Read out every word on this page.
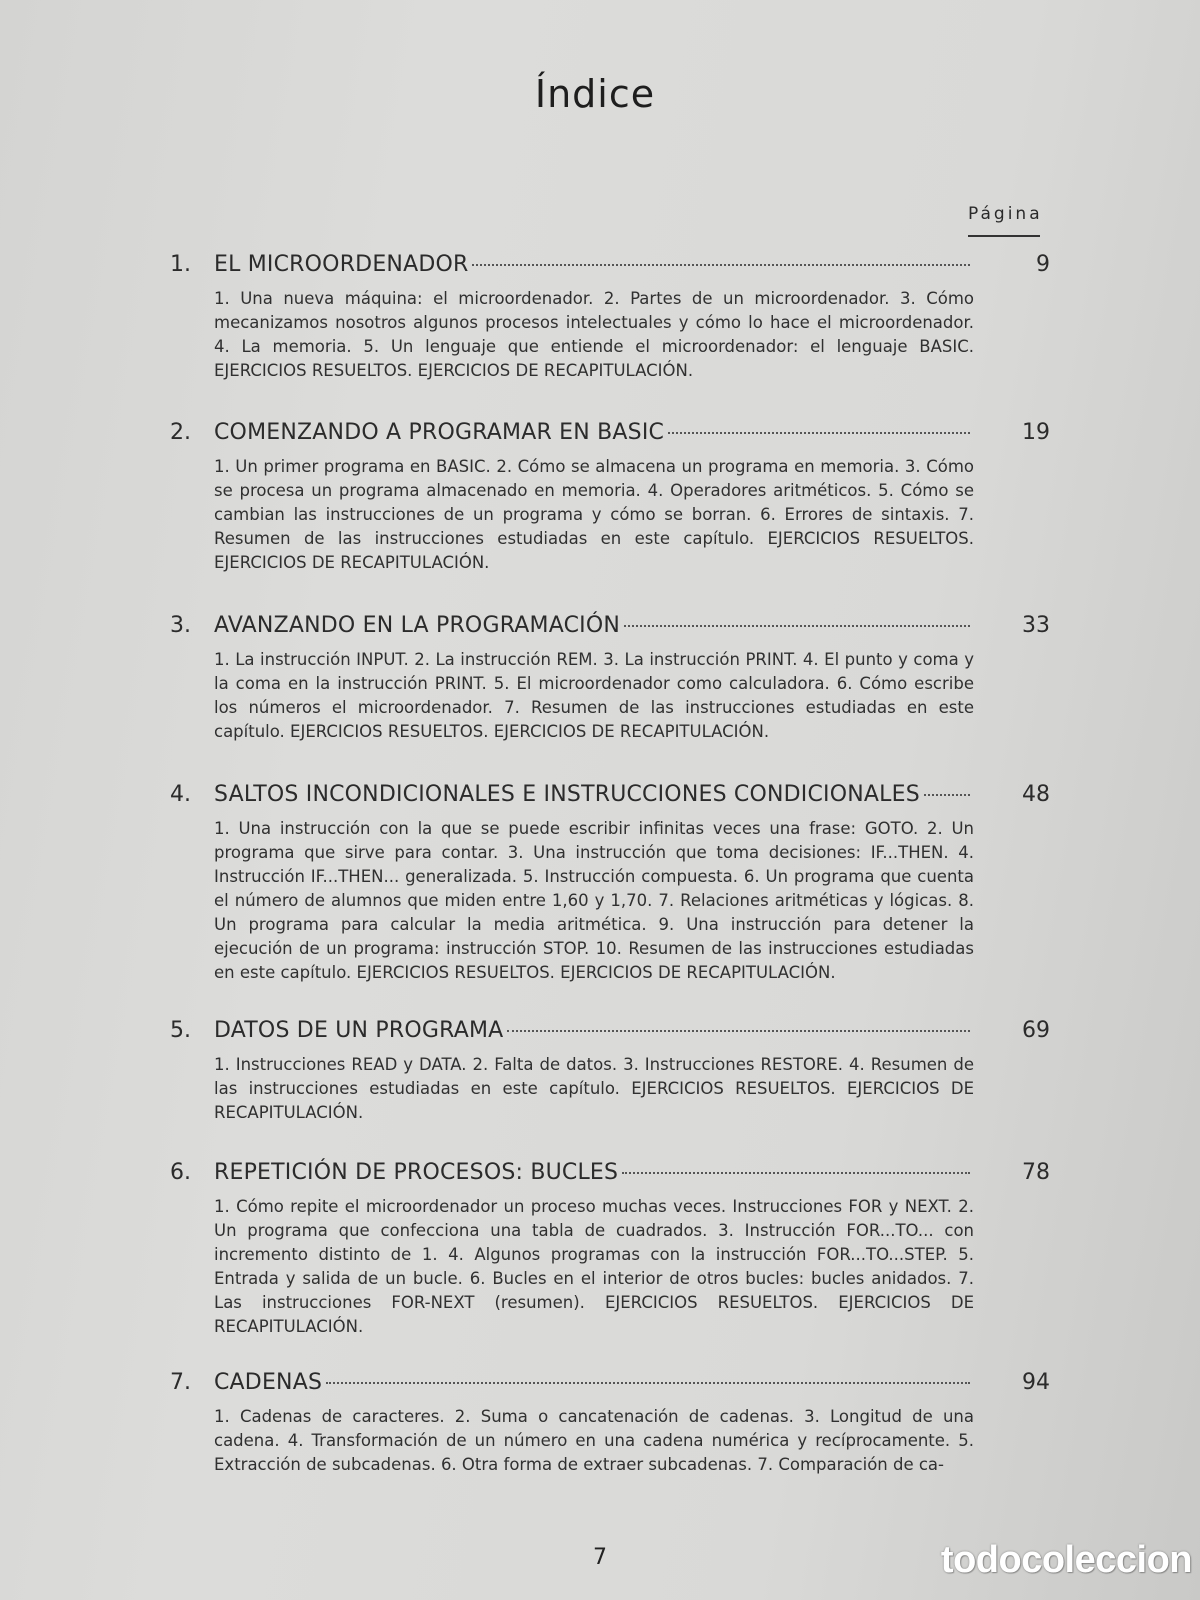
Índice
Página
1.	EL MICROORDENADOR	9
1. Una nueva máquina: el microordenador. 2. Partes de un microordenador. 3. Cómo mecanizamos nosotros algunos procesos intelectuales y cómo lo hace el microordenador. 4. La memoria. 5. Un lenguaje que entiende el microordenador: el lenguaje BASIC. EJERCICIOS RESUELTOS. EJERCICIOS DE RECAPITULACIÓN.
2.	COMENZANDO A PROGRAMAR EN BASIC	19
1. Un primer programa en BASIC. 2. Cómo se almacena un programa en memoria. 3. Cómo se procesa un programa almacenado en memoria. 4. Operadores aritméticos. 5. Cómo se cambian las instrucciones de un programa y cómo se borran. 6. Errores de sintaxis. 7. Resumen de las instrucciones estudiadas en este capítulo. EJERCICIOS RESUELTOS. EJERCICIOS DE RECAPITULACIÓN.
3.	AVANZANDO EN LA PROGRAMACIÓN	33
1. La instrucción INPUT. 2. La instrucción REM. 3. La instrucción PRINT. 4. El punto y coma y la coma en la instrucción PRINT. 5. El microordenador como calculadora. 6. Cómo escribe los números el microordenador. 7. Resumen de las instrucciones estudiadas en este capítulo. EJERCICIOS RESUELTOS. EJERCICIOS DE RECAPITULACIÓN.
4.	SALTOS INCONDICIONALES E INSTRUCCIONES CONDICIONALES	48
1. Una instrucción con la que se puede escribir infinitas veces una frase: GOTO. 2. Un programa que sirve para contar. 3. Una instrucción que toma decisiones: IF...THEN. 4. Instrucción IF...THEN... generalizada. 5. Instrucción compuesta. 6. Un programa que cuenta el número de alumnos que miden entre 1,60 y 1,70. 7. Relaciones aritméticas y lógicas. 8. Un programa para calcular la media aritmética. 9. Una instrucción para detener la ejecución de un programa: instrucción STOP. 10. Resumen de las instrucciones estudiadas en este capítulo. EJERCICIOS RESUELTOS. EJERCICIOS DE RECAPITULACIÓN.
5.	DATOS DE UN PROGRAMA	69
1. Instrucciones READ y DATA. 2. Falta de datos. 3. Instrucciones RESTORE. 4. Resumen de las instrucciones estudiadas en este capítulo. EJERCICIOS RESUELTOS. EJERCICIOS DE RECAPITULACIÓN.
6.	REPETICIÓN DE PROCESOS: BUCLES	78
1. Cómo repite el microordenador un proceso muchas veces. Instrucciones FOR y NEXT. 2. Un programa que confecciona una tabla de cuadrados. 3. Instrucción FOR...TO... con incremento distinto de 1. 4. Algunos programas con la instrucción FOR...TO...STEP. 5. Entrada y salida de un bucle. 6. Bucles en el interior de otros bucles: bucles anidados. 7. Las instrucciones FOR-NEXT (resumen). EJERCICIOS RESUELTOS. EJERCICIOS DE RECAPITULACIÓN.
7.	CADENAS	94
1. Cadenas de caracteres. 2. Suma o cancatenación de cadenas. 3. Longitud de una cadena. 4. Transformación de un número en una cadena numérica y recíprocamente. 5. Extracción de subcadenas. 6. Otra forma de extraer subcadenas. 7. Comparación de ca-
7	todocoleccion
